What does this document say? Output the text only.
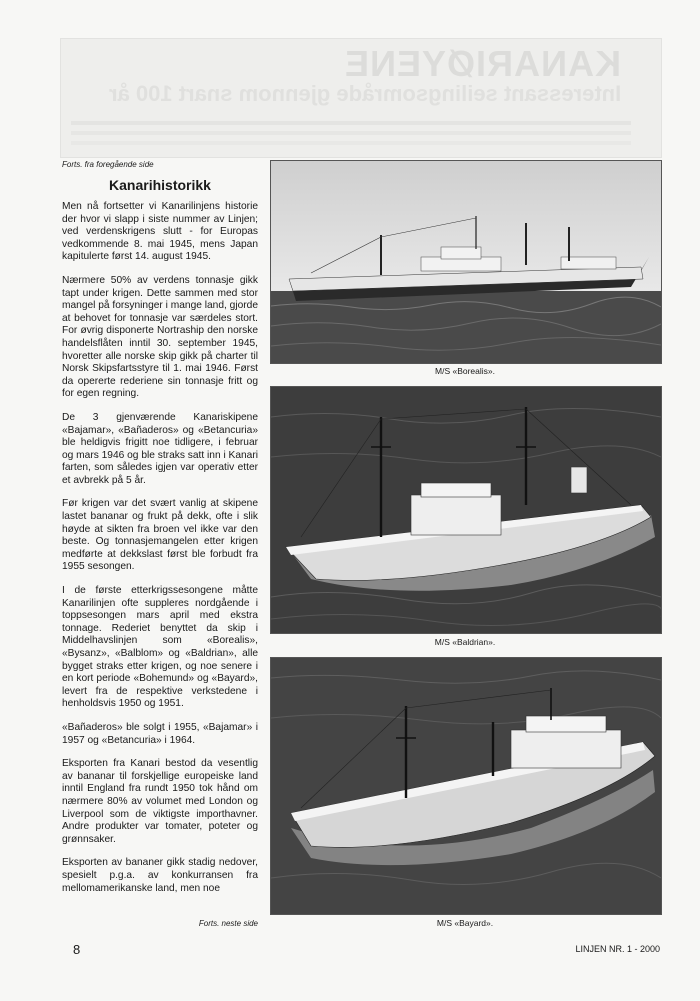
KANARIØYENE
Interessant seilingsområde gjennom snart 100 år
Forts. fra foregående side
Kanarihistorikk

Men nå fortsetter vi Kanarilinjens historie der hvor vi slapp i siste nummer av Linjen; ved verdenskrigens slutt - for Europas vedkommende 8. mai 1945, mens Japan kapitulerte først 14. august 1945.

Nærmere 50% av verdens tonnasje gikk tapt under krigen. Dette sammen med stor mangel på forsyninger i mange land, gjorde at behovet for tonnasje var særdeles stort. For øvrig disponerte Nortraship den norske handelsflåten inntil 30. september 1945, hvoretter alle norske skip gikk på charter til Norsk Skipsfartsstyre til 1. mai 1946. Først da opererte rederiene sin tonnasje fritt og for egen regning.

De 3 gjenværende Kanariskipene «Bajamar», «Bañaderos» og «Betancuria» ble heldigvis frigitt noe tidligere, i februar og mars 1946 og ble straks satt inn i Kanari farten, som således igjen var operativ etter et avbrekk på 5 år.

Før krigen var det svært vanlig at skipene lastet bananar og frukt på dekk, ofte i slik høyde at sikten fra broen vel ikke var den beste. Og tonnasjemangelen etter krigen medførte at dekkslast først ble forbudt fra 1955 sesongen.

I de første etterkrigssesongene måtte Kanarilinjen ofte suppleres nordgående i toppsesongen mars april med ekstra tonnage. Rederiet benyttet da skip i Middelhavslinjen som «Borealis», «Bysanz», «Balblom» og «Baldrian», alle bygget straks etter krigen, og noe senere i en kort periode «Bohemund» og «Bayard», levert fra de respektive verkstedene i henholdsvis 1950 og 1951.

«Bañaderos» ble solgt i 1955, «Bajamar» i 1957 og «Betancuria» i 1964.

Eksporten fra Kanari bestod da vesentlig av bananar til forskjellige europeiske land inntil England fra rundt 1950 tok hånd om nærmere 80% av volumet med London og Liverpool som de viktigste importhavner. Andre produkter var tomater, poteter og grønnsaker.

Eksporten av bananer gikk stadig nedover, spesielt p.g.a. av konkurransen fra mellomamerikanske land, men noe

Forts. neste side
M/S «Borealis».
M/S «Baldrian».
M/S «Bayard».
8	LINJEN NR. 1 - 2000
